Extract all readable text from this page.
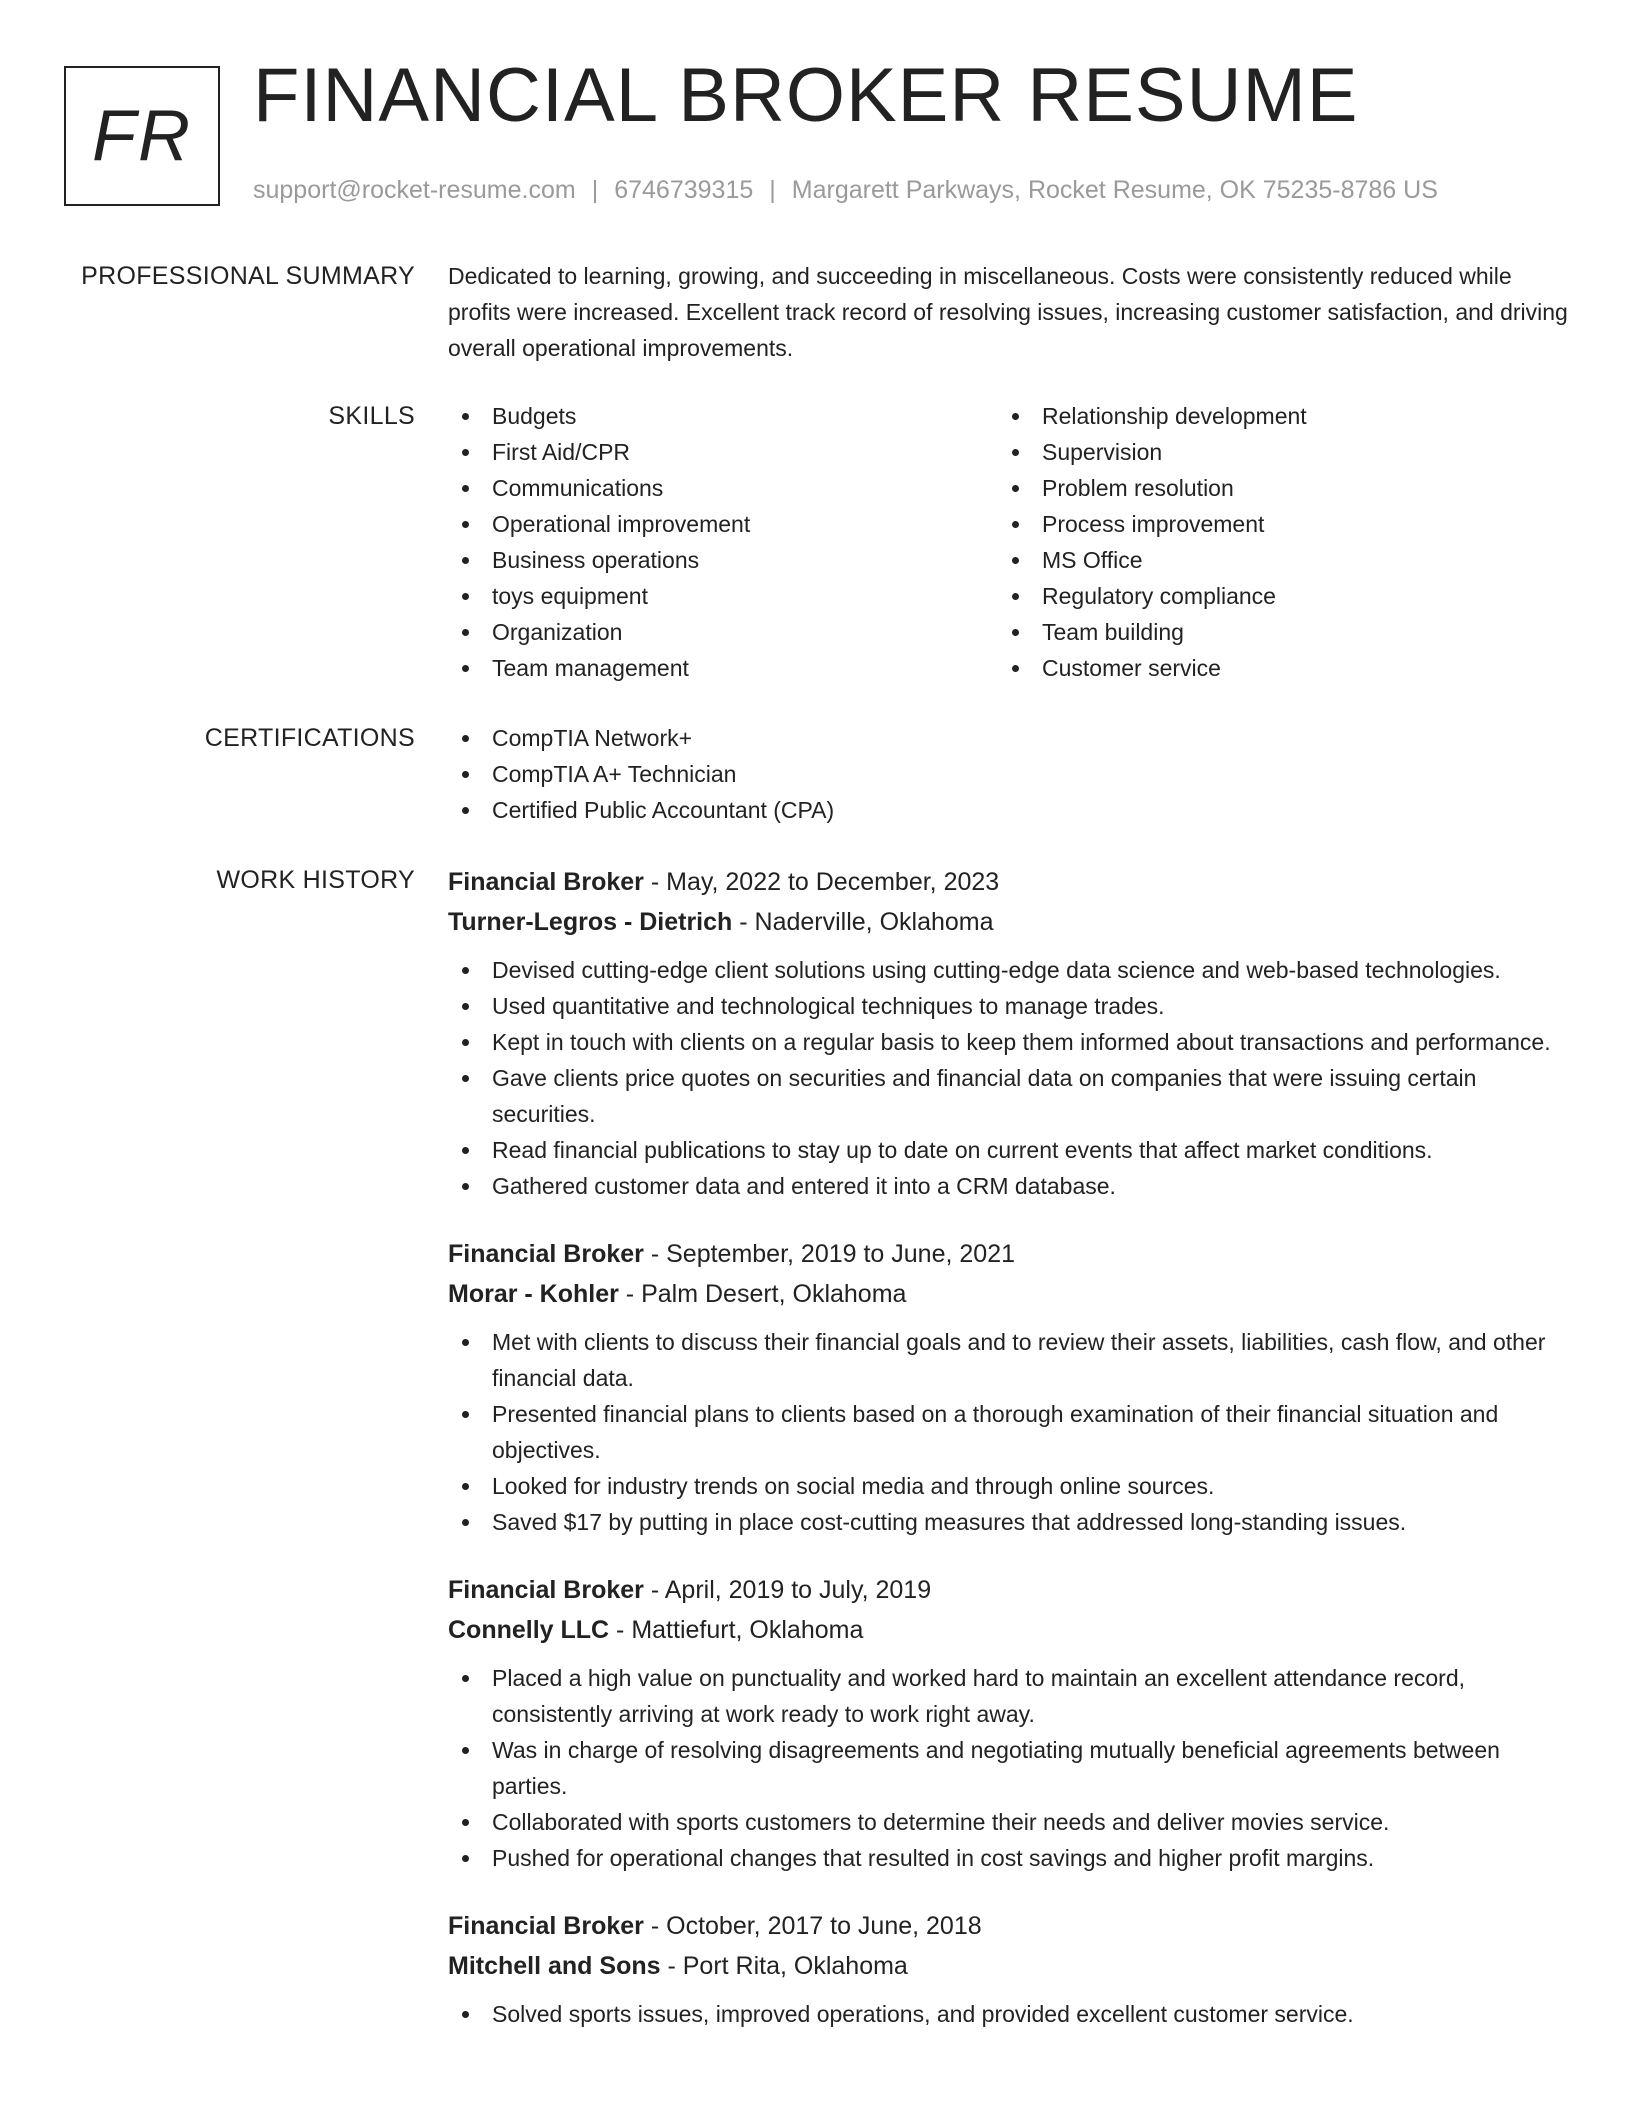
FR FINANCIAL BROKER RESUME
support@rocket-resume.com | 6746739315 | Margarett Parkways, Rocket Resume, OK 75235-8786 US
PROFESSIONAL SUMMARY Dedicated to learning, growing, and succeeding in miscellaneous. Costs were consistently reduced while profits were increased. Excellent track record of resolving issues, increasing customer satisfaction, and driving overall operational improvements.
SKILLS	Budgets
First Aid/CPR
Communications
Operational improvement
Business operations
toys equipment
Organization
Team management
Relationship development
Supervision
Problem resolution
Process improvement
MS Office
Regulatory compliance
Team building
Customer service
CERTIFICATIONS	CompTIA Network+
CompTIA A+ Technician
Certified Public Accountant (CPA)
WORK HISTORY Financial Broker - May, 2022 to December, 2023
Turner-Legros - Dietrich - Naderville, Oklahoma
Devised cutting-edge client solutions using cutting-edge data science and web-based technologies.
Used quantitative and technological techniques to manage trades.
Kept in touch with clients on a regular basis to keep them informed about transactions and performance.
Gave clients price quotes on securities and financial data on companies that were issuing certain securities.
Read financial publications to stay up to date on current events that affect market conditions.
Gathered customer data and entered it into a CRM database.
Financial Broker - September, 2019 to June, 2021
Morar - Kohler - Palm Desert, Oklahoma
Met with clients to discuss their financial goals and to review their assets, liabilities, cash flow, and other financial data.
Presented financial plans to clients based on a thorough examination of their financial situation and objectives.
Looked for industry trends on social media and through online sources.
Saved $17 by putting in place cost-cutting measures that addressed long-standing issues.
Financial Broker - April, 2019 to July, 2019
Connelly LLC - Mattiefurt, Oklahoma
Placed a high value on punctuality and worked hard to maintain an excellent attendance record, consistently arriving at work ready to work right away.
Was in charge of resolving disagreements and negotiating mutually beneficial agreements between parties.
Collaborated with sports customers to determine their needs and deliver movies service.
Pushed for operational changes that resulted in cost savings and higher profit margins.
Financial Broker - October, 2017 to June, 2018
Mitchell and Sons - Port Rita, Oklahoma
Solved sports issues, improved operations, and provided excellent customer service.
